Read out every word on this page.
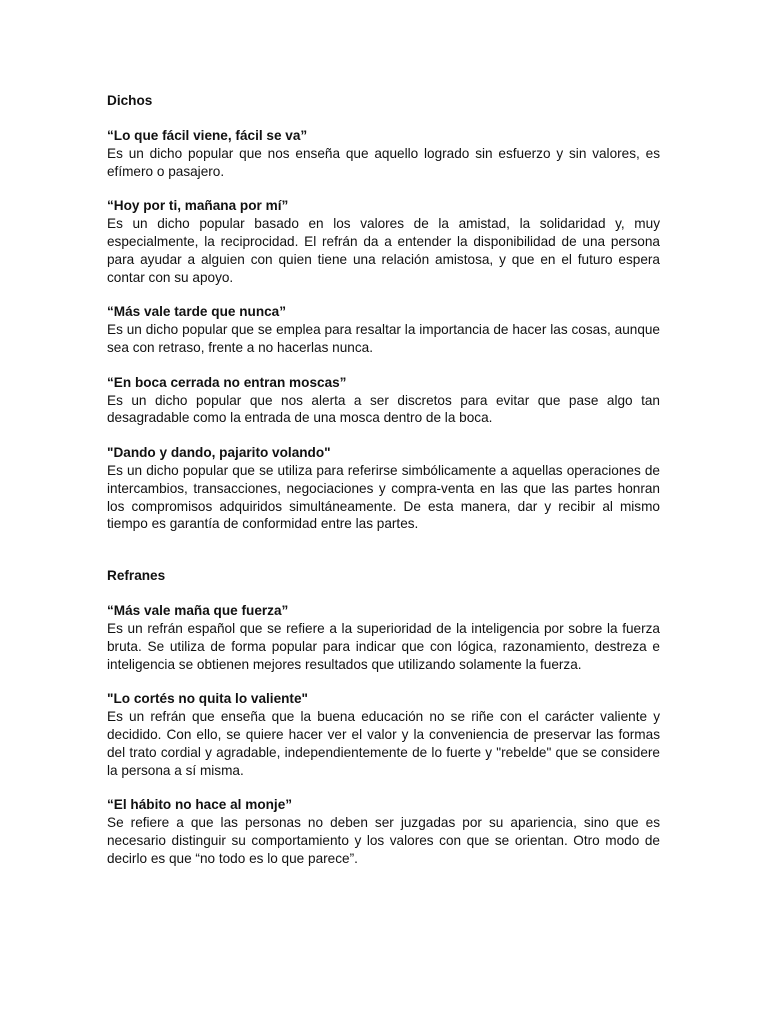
Dichos
“Lo que fácil viene, fácil se va”
Es un dicho popular que nos enseña que aquello logrado sin esfuerzo y sin valores, es efímero o pasajero.
“Hoy por ti, mañana por mí”
Es un dicho popular basado en los valores de la amistad, la solidaridad y, muy especialmente, la reciprocidad. El refrán da a entender la disponibilidad de una persona para ayudar a alguien con quien tiene una relación amistosa, y que en el futuro espera contar con su apoyo.
“Más vale tarde que nunca”
Es un dicho popular que se emplea para resaltar la importancia de hacer las cosas, aunque sea con retraso, frente a no hacerlas nunca.
“En boca cerrada no entran moscas”
Es un dicho popular que nos alerta a ser discretos para evitar que pase algo tan desagradable como la entrada de una mosca dentro de la boca.
"Dando y dando, pajarito volando"
Es un dicho popular que se utiliza para referirse simbólicamente a aquellas operaciones de intercambios, transacciones, negociaciones y compra-venta en las que las partes honran los compromisos adquiridos simultáneamente. De esta manera, dar y recibir al mismo tiempo es garantía de conformidad entre las partes.
Refranes
“Más vale maña que fuerza”
Es un refrán español que se refiere a la superioridad de la inteligencia por sobre la fuerza bruta. Se utiliza de forma popular para indicar que con lógica, razonamiento, destreza e inteligencia se obtienen mejores resultados que utilizando solamente la fuerza.
"Lo cortés no quita lo valiente"
Es un refrán que enseña que la buena educación no se riñe con el carácter valiente y decidido. Con ello, se quiere hacer ver el valor y la conveniencia de preservar las formas del trato cordial y agradable, independientemente de lo fuerte y "rebelde" que se considere la persona a sí misma.
“El hábito no hace al monje”
Se refiere a que las personas no deben ser juzgadas por su apariencia, sino que es necesario distinguir su comportamiento y los valores con que se orientan. Otro modo de decirlo es que “no todo es lo que parece”.
